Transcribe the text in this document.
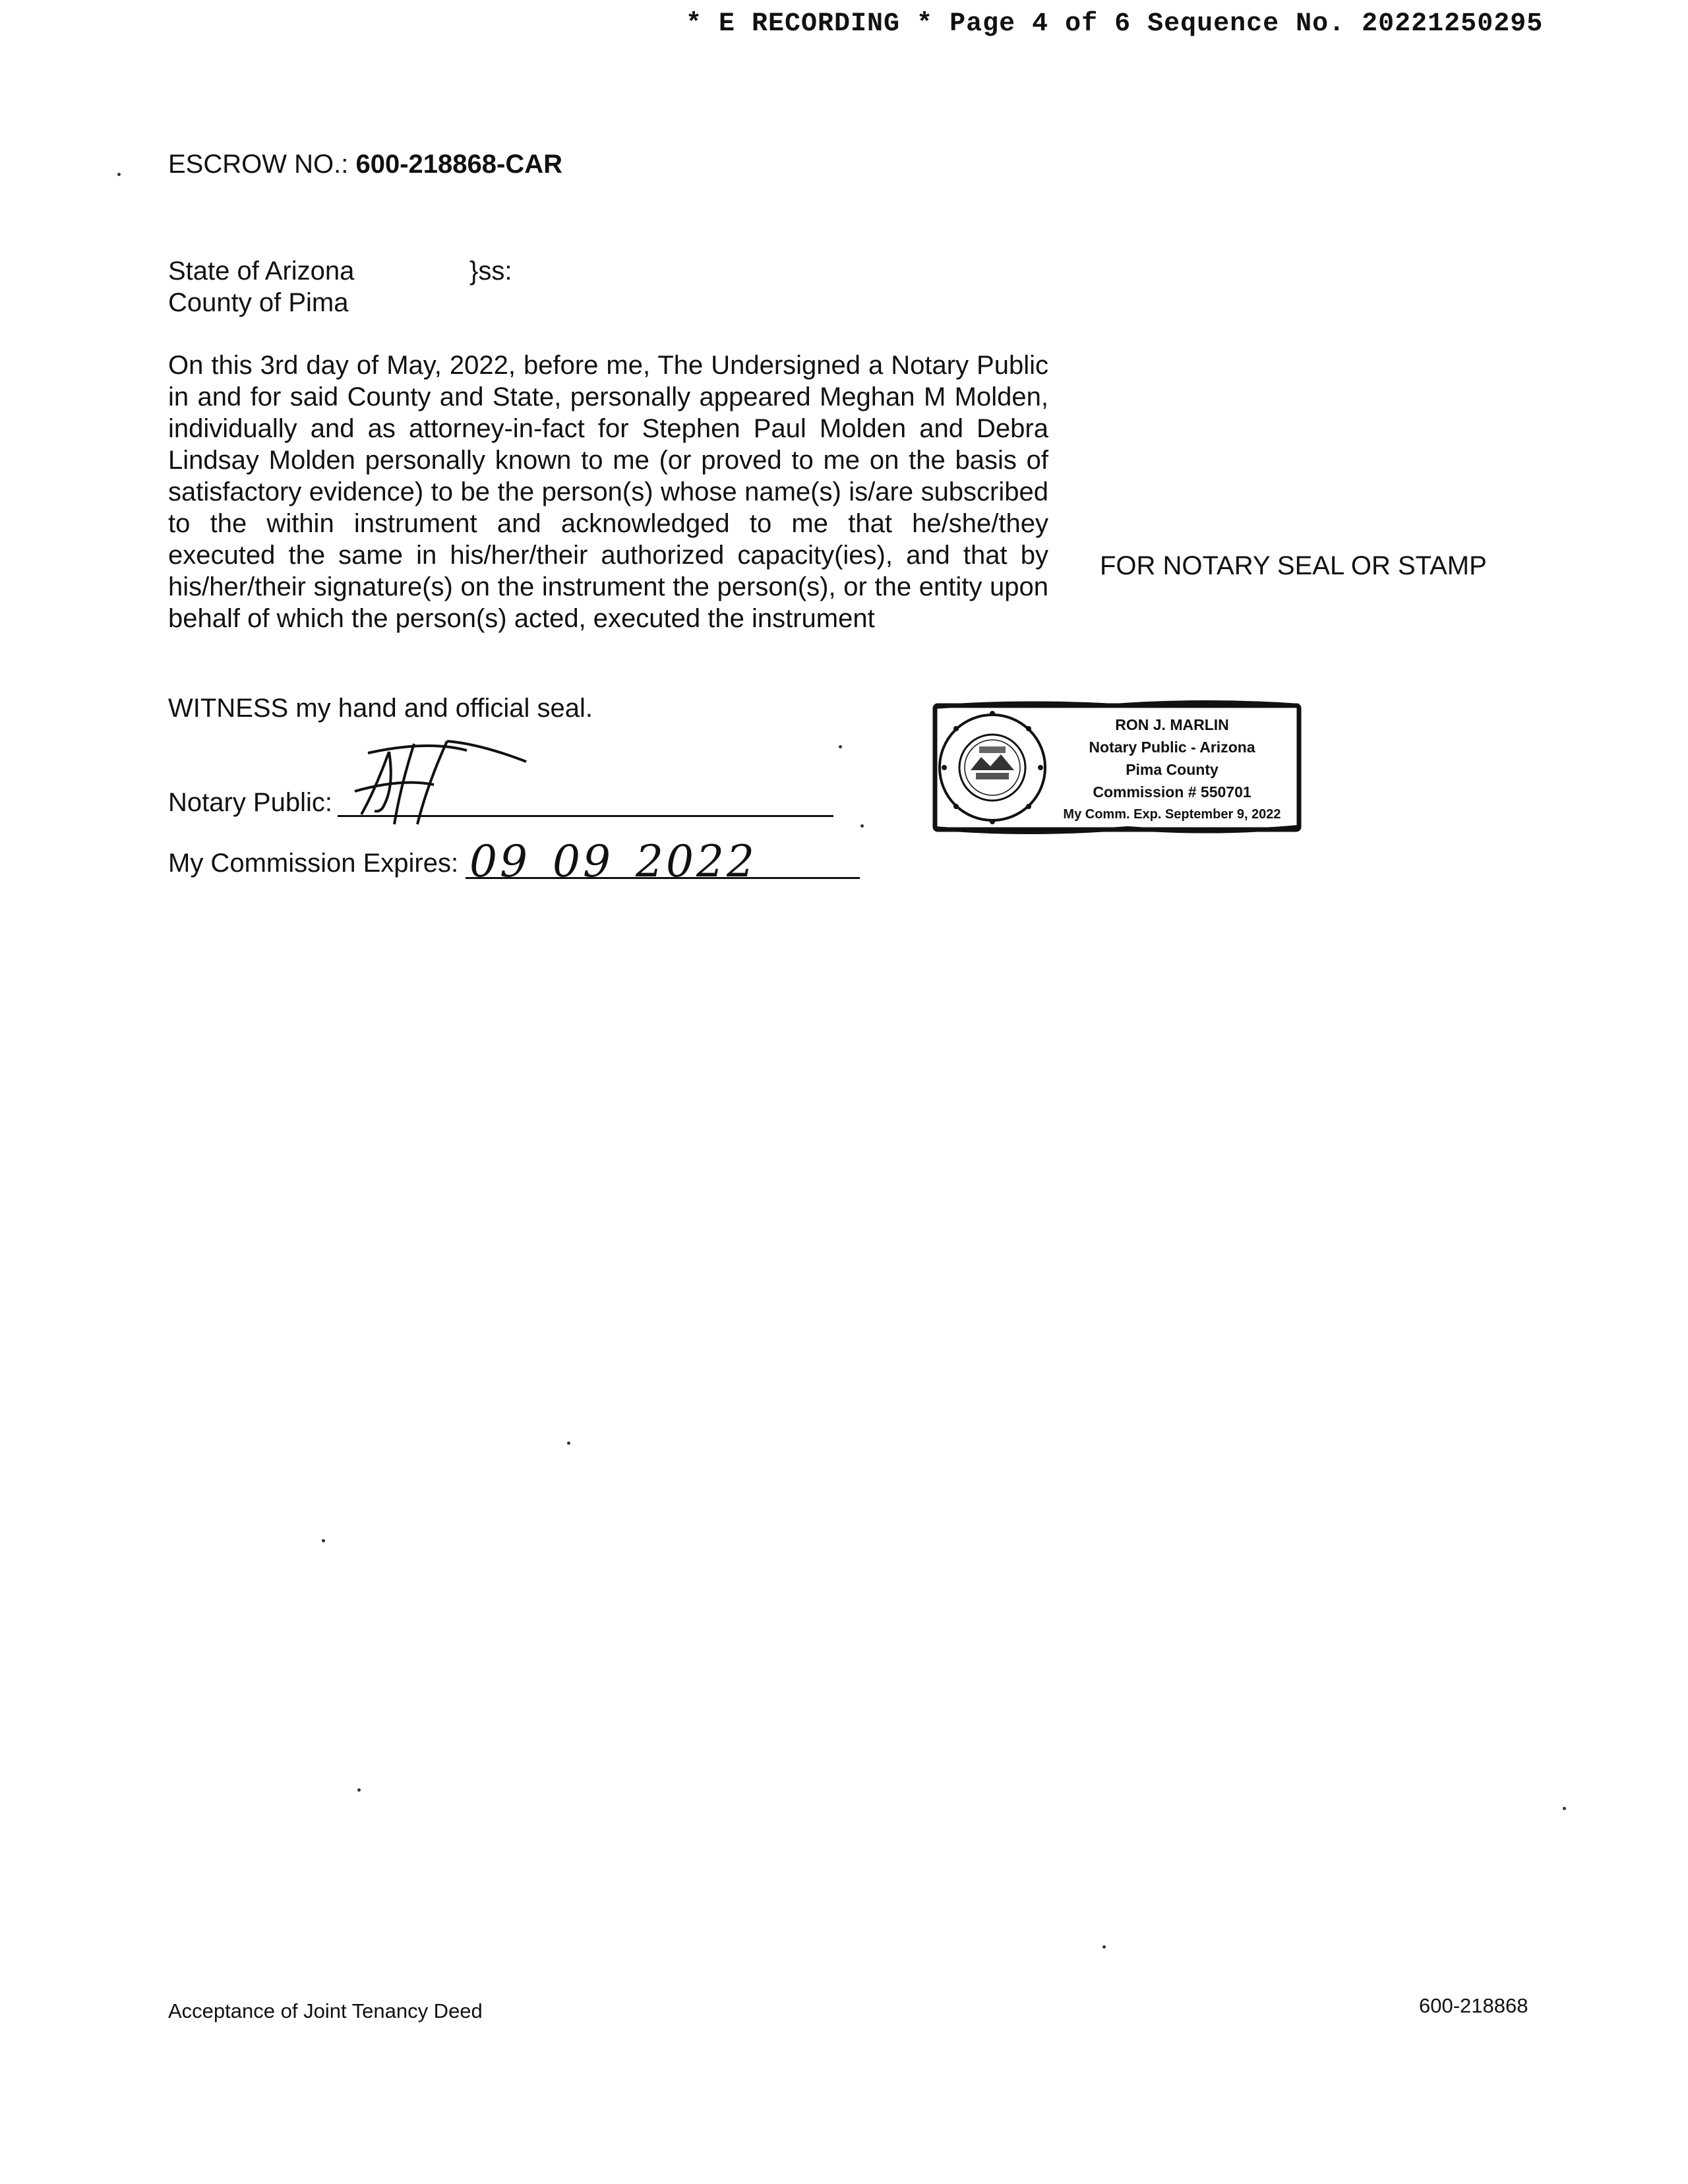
* E RECORDING * Page 4 of 6 Sequence No. 20221250295
ESCROW NO.: 600-218868-CAR
State of Arizona
County of Pima
}ss:
On this 3rd day of May, 2022, before me, The Undersigned a Notary Public in and for said County and State, personally appeared Meghan M Molden, individually and as attorney-in-fact for Stephen Paul Molden and Debra Lindsay Molden personally known to me (or proved to me on the basis of satisfactory evidence) to be the person(s) whose name(s) is/are subscribed to the within instrument and acknowledged to me that he/she/they executed the same in his/her/their authorized capacity(ies), and that by his/her/their signature(s) on the instrument the person(s), or the entity upon behalf of which the person(s) acted, executed the instrument
FOR NOTARY SEAL OR STAMP
WITNESS my hand and official seal.
Notary Public:
My Commission Expires: 09 09 2022
RON J. MARLIN
Notary Public - Arizona
Pima County
Commission # 550701
My Comm. Exp. September 9, 2022
Acceptance of Joint Tenancy Deed	600-218868
